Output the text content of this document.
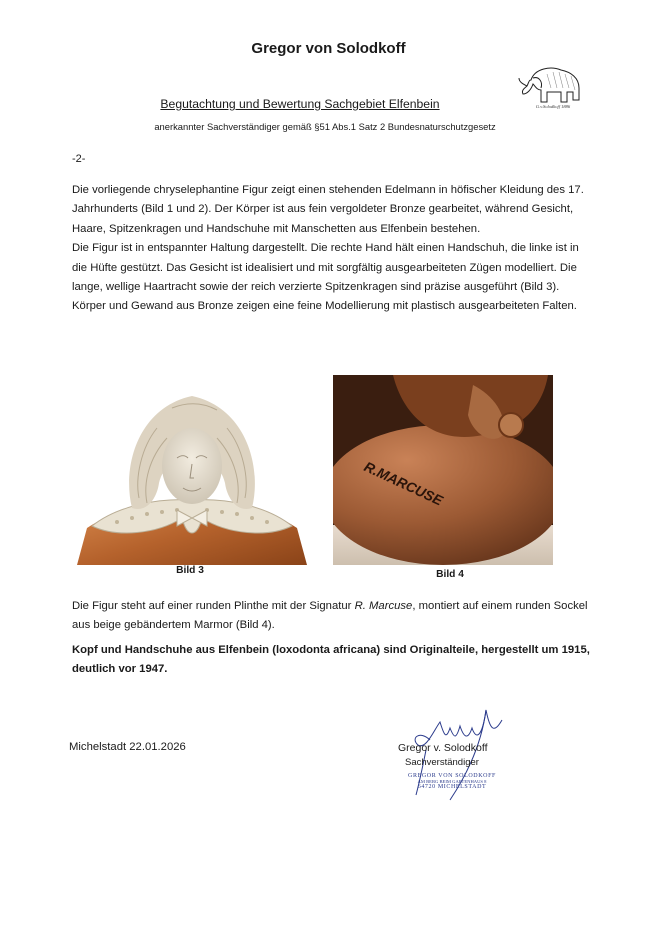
Gregor von Solodkoff
G.v.Solodkoff 1886
Begutachtung und Bewertung Sachgebiet Elfenbein
anerkannter Sachverständiger gemäß §51 Abs.1 Satz 2 Bundesnaturschutzgesetz
-2-
Die vorliegende chryselephantine Figur zeigt einen stehenden Edelmann in höfischer Kleidung des 17. Jahrhunderts (Bild 1 und 2). Der Körper ist aus fein vergoldeter Bronze gearbeitet, während Gesicht, Haare, Spitzenkragen und Handschuhe mit Manschetten aus Elfenbein bestehen.
Die Figur ist in entspannter Haltung dargestellt. Die rechte Hand hält einen Handschuh, die linke ist in die Hüfte gestützt. Das Gesicht ist idealisiert und mit sorgfältig ausgearbeiteten Zügen modelliert. Die lange, wellige Haartracht sowie der reich verzierte Spitzenkragen sind präzise ausgeführt (Bild 3).
Körper und Gewand aus Bronze zeigen eine feine Modellierung mit plastisch ausgearbeiteten Falten.
Bild 3
R.MARCUSE
Bild 4
Die Figur steht auf einer runden Plinthe mit der Signatur R. Marcuse, montiert auf einem runden Sockel aus beige gebändertem Marmor (Bild 4).
Kopf und Handschuhe aus Elfenbein (loxodonta africana) sind Originalteile, hergestellt um 1915, deutlich vor 1947.
Michelstadt 22.01.2026	Gregor v. Solodkoff
Sachverständiger
GREGOR VON SOLODKOFF
AM BERG BEIM GARTENHAUS 8
64720 MICHELSTADT
